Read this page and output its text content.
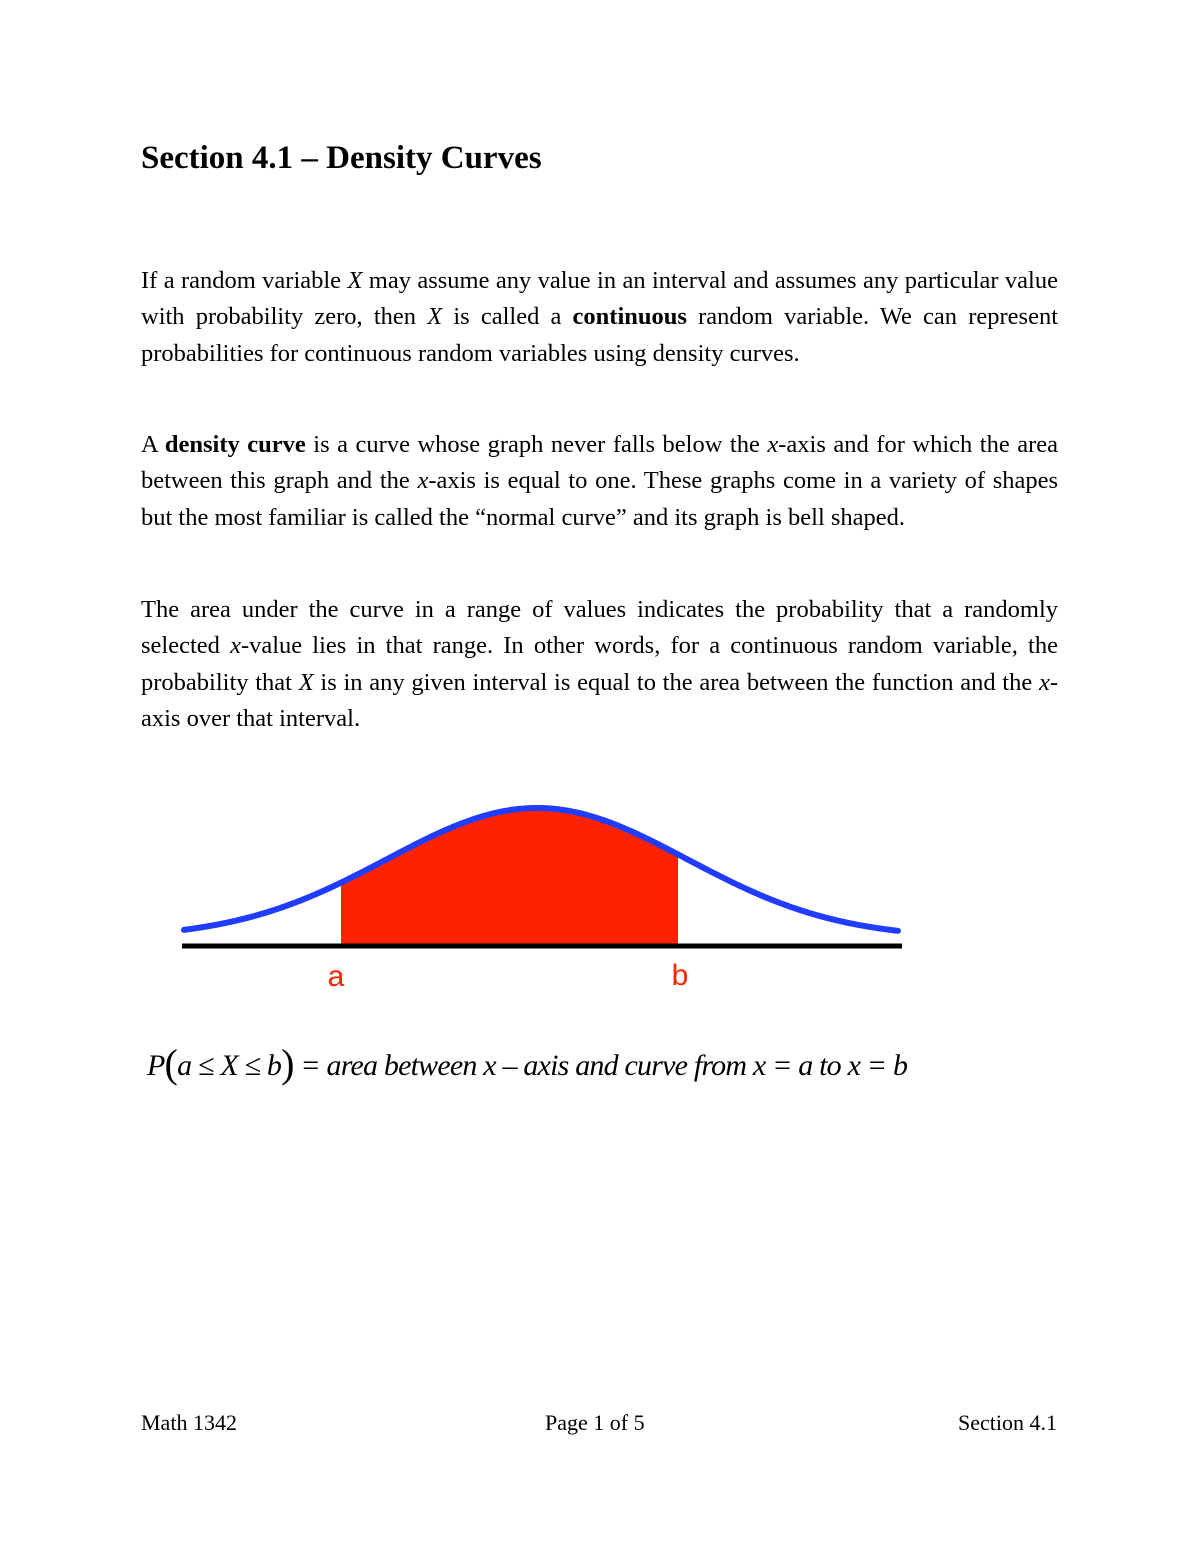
Section 4.1 – Density Curves

If a random variable X may assume any value in an interval and assumes any particular value with probability zero, then X is called a continuous random variable. We can represent probabilities for continuous random variables using density curves.

A density curve is a curve whose graph never falls below the x-axis and for which the area between this graph and the x-axis is equal to one. These graphs come in a variety of shapes but the most familiar is called the “normal curve” and its graph is bell shaped.

The area under the curve in a range of values indicates the probability that a randomly selected x-value lies in that range. In other words, for a continuous random variable, the probability that X is in any given interval is equal to the area between the function and the x-axis over that interval.

a	b
P(a ≤ X ≤ b) = area between x – axis and curve from x = a to x = b
Math 1342	Page 1 of 5	Section 4.1
